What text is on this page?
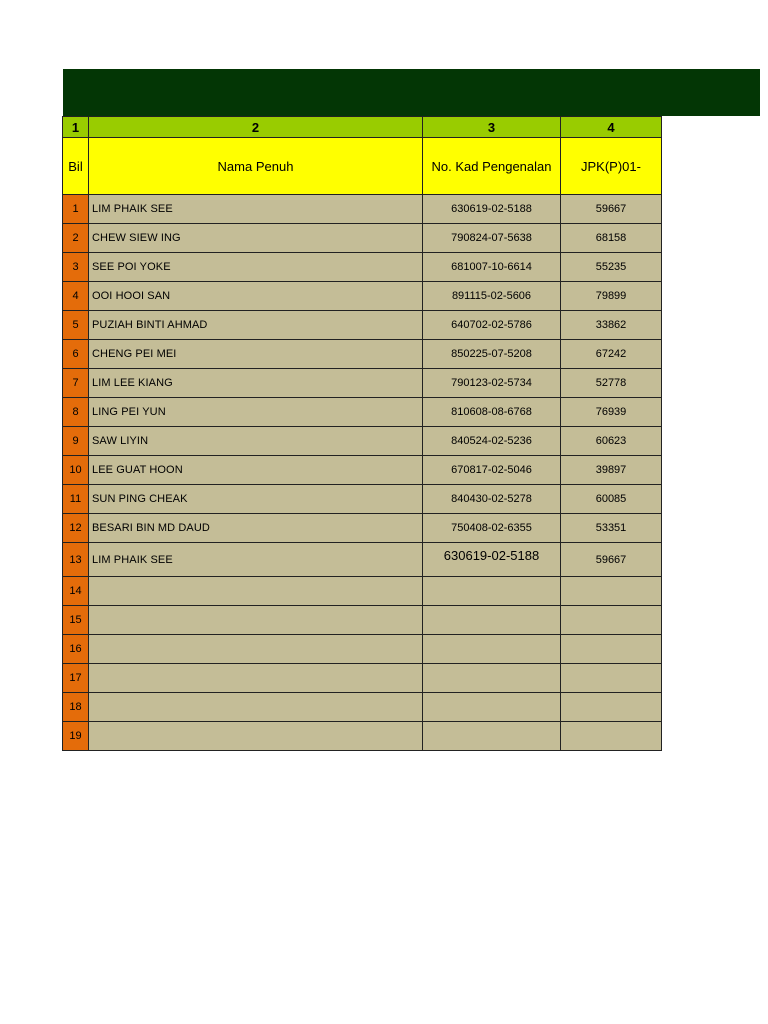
1	2	3	4
Bil	Nama Penuh	No. Kad Pengenalan	JPK(P)01-
1	LIM PHAIK SEE	630619-02-5188	59667
2	CHEW SIEW ING	790824-07-5638	68158
3	SEE POI YOKE	681007-10-6614	55235
4	OOI HOOI SAN	891115-02-5606	79899
5	PUZIAH BINTI AHMAD	640702-02-5786	33862
6	CHENG PEI MEI	850225-07-5208	67242
7	LIM LEE KIANG	790123-02-5734	52778
8	LING PEI YUN	810608-08-6768	76939
9	SAW LIYIN	840524-02-5236	60623
10	LEE GUAT HOON	670817-02-5046	39897
11	SUN PING CHEAK	840430-02-5278	60085
12	BESARI BIN MD DAUD	750408-02-6355	53351
13	LIM PHAIK SEE	630619-02-5188	59667
14			
15			
16			
17			
18			
19			
